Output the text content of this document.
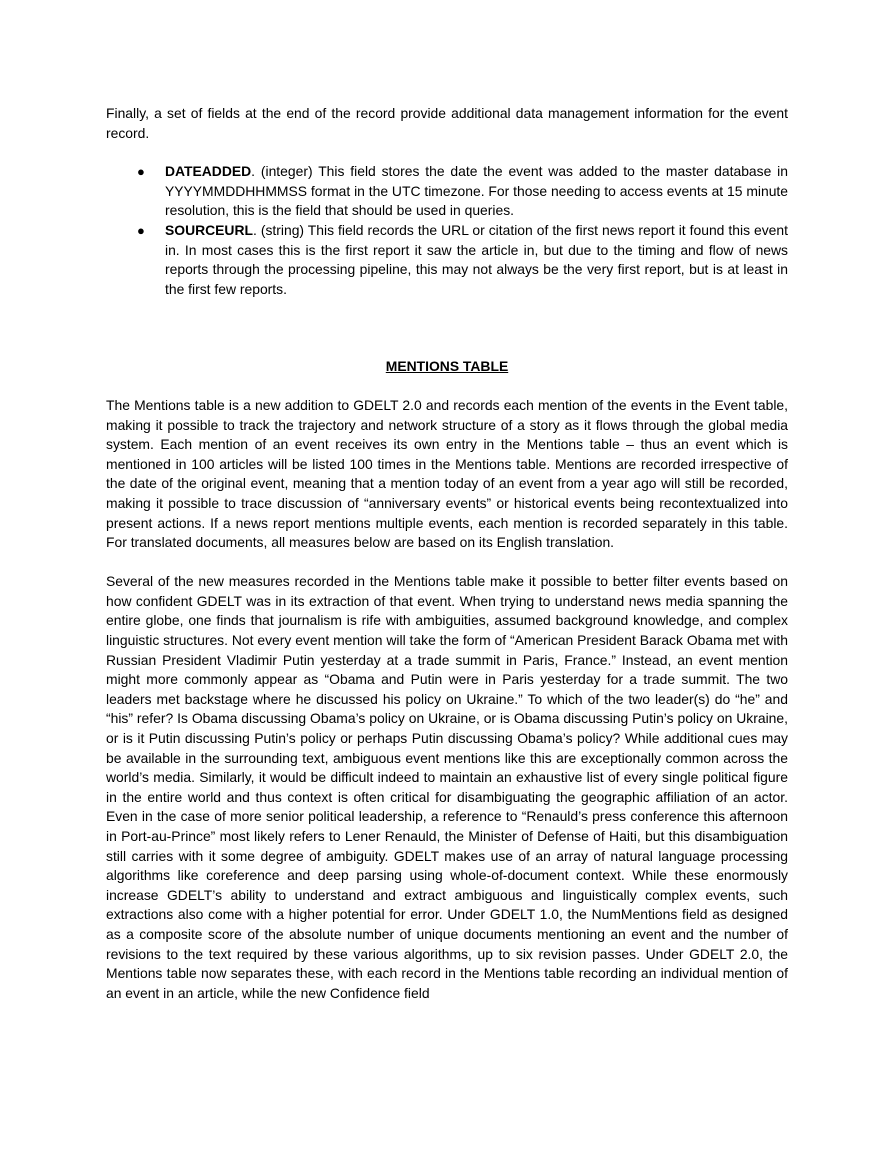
Finally, a set of fields at the end of the record provide additional data management information for the event record.

● DATEADDED. (integer) This field stores the date the event was added to the master database in YYYYMMDDHHMMSS format in the UTC timezone. For those needing to access events at 15 minute resolution, this is the field that should be used in queries.
● SOURCEURL. (string) This field records the URL or citation of the first news report it found this event in. In most cases this is the first report it saw the article in, but due to the timing and flow of news reports through the processing pipeline, this may not always be the very first report, but is at least in the first few reports.

MENTIONS TABLE

The Mentions table is a new addition to GDELT 2.0 and records each mention of the events in the Event table, making it possible to track the trajectory and network structure of a story as it flows through the global media system. Each mention of an event receives its own entry in the Mentions table – thus an event which is mentioned in 100 articles will be listed 100 times in the Mentions table. Mentions are recorded irrespective of the date of the original event, meaning that a mention today of an event from a year ago will still be recorded, making it possible to trace discussion of “anniversary events” or historical events being recontextualized into present actions. If a news report mentions multiple events, each mention is recorded separately in this table. For translated documents, all measures below are based on its English translation.

Several of the new measures recorded in the Mentions table make it possible to better filter events based on how confident GDELT was in its extraction of that event. When trying to understand news media spanning the entire globe, one finds that journalism is rife with ambiguities, assumed background knowledge, and complex linguistic structures. Not every event mention will take the form of “American President Barack Obama met with Russian President Vladimir Putin yesterday at a trade summit in Paris, France.” Instead, an event mention might more commonly appear as “Obama and Putin were in Paris yesterday for a trade summit. The two leaders met backstage where he discussed his policy on Ukraine.” To which of the two leader(s) do “he” and “his” refer? Is Obama discussing Obama’s policy on Ukraine, or is Obama discussing Putin’s policy on Ukraine, or is it Putin discussing Putin’s policy or perhaps Putin discussing Obama’s policy? While additional cues may be available in the surrounding text, ambiguous event mentions like this are exceptionally common across the world’s media. Similarly, it would be difficult indeed to maintain an exhaustive list of every single political figure in the entire world and thus context is often critical for disambiguating the geographic affiliation of an actor. Even in the case of more senior political leadership, a reference to “Renauld’s press conference this afternoon in Port-au-Prince” most likely refers to Lener Renauld, the Minister of Defense of Haiti, but this disambiguation still carries with it some degree of ambiguity. GDELT makes use of an array of natural language processing algorithms like coreference and deep parsing using whole-of-document context. While these enormously increase GDELT’s ability to understand and extract ambiguous and linguistically complex events, such extractions also come with a higher potential for error. Under GDELT 1.0, the NumMentions field as designed as a composite score of the absolute number of unique documents mentioning an event and the number of revisions to the text required by these various algorithms, up to six revision passes. Under GDELT 2.0, the Mentions table now separates these, with each record in the Mentions table recording an individual mention of an event in an article, while the new Confidence field
